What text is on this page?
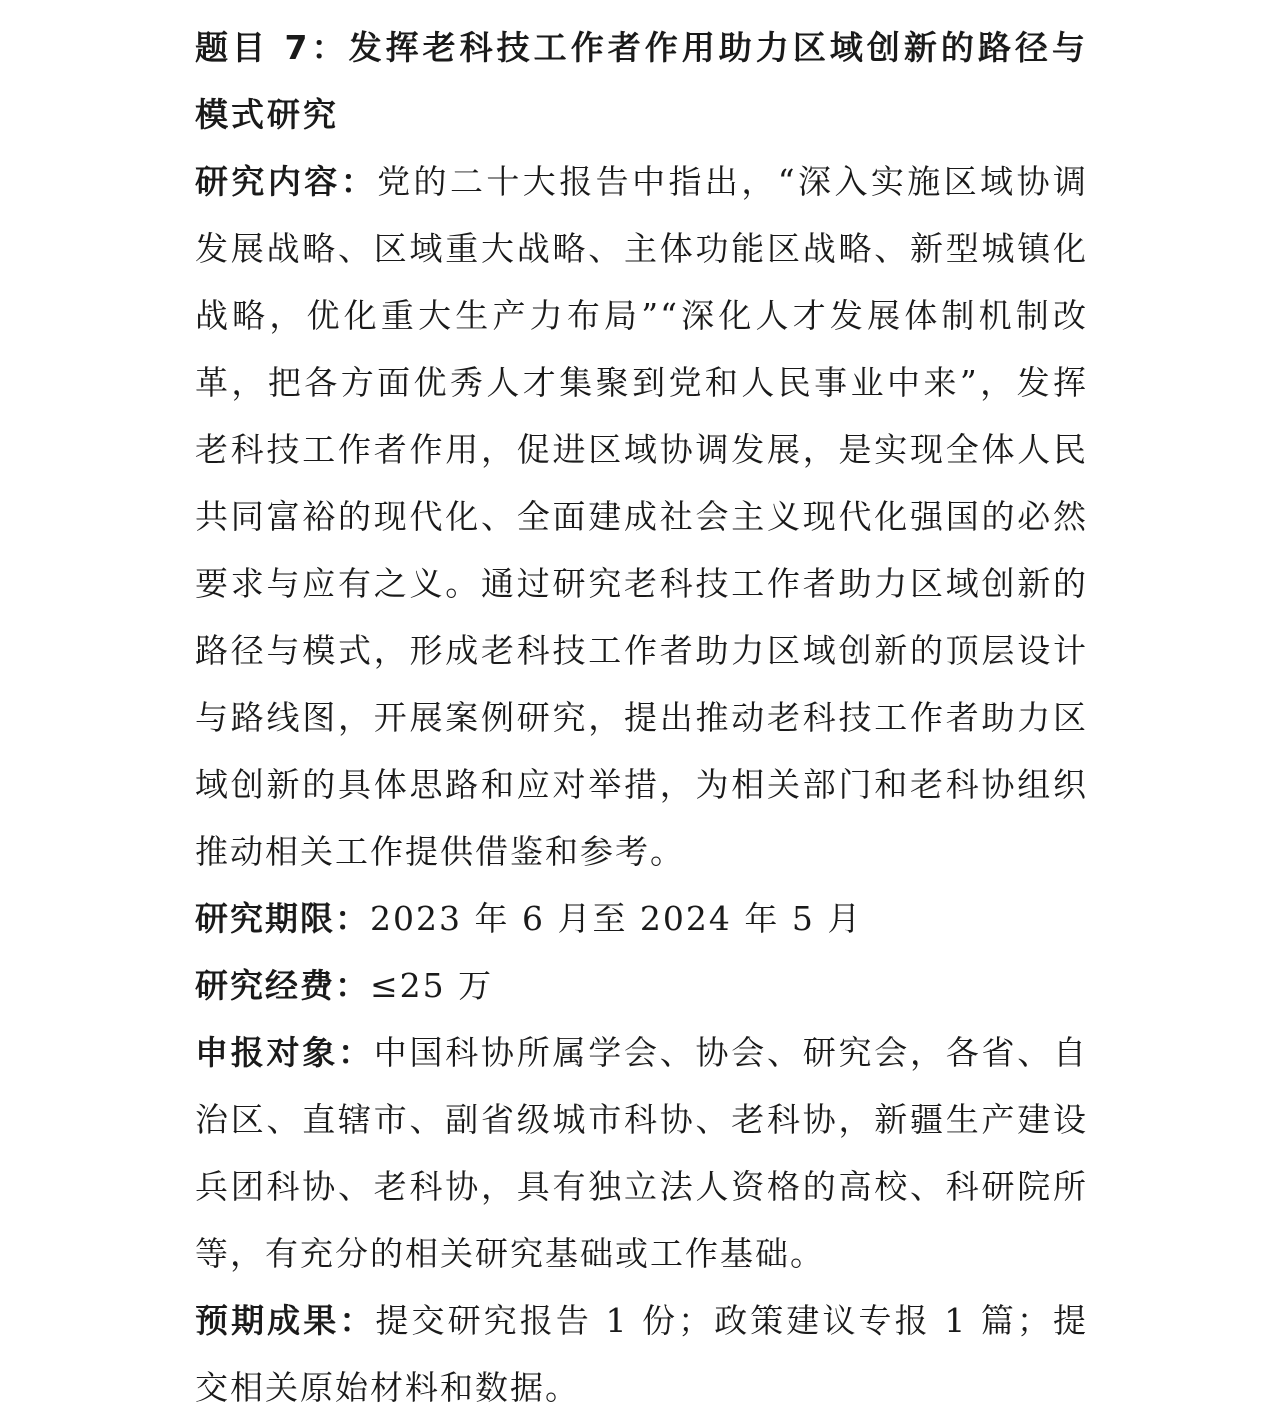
题目 7：发挥老科技工作者作用助力区域创新的路径与模式研究

研究内容：党的二十大报告中指出，“深入实施区域协调发展战略、区域重大战略、主体功能区战略、新型城镇化战略，优化重大生产力布局”“深化人才发展体制机制改革，把各方面优秀人才集聚到党和人民事业中来”，发挥老科技工作者作用，促进区域协调发展，是实现全体人民共同富裕的现代化、全面建成社会主义现代化强国的必然要求与应有之义。通过研究老科技工作者助力区域创新的路径与模式，形成老科技工作者助力区域创新的顶层设计与路线图，开展案例研究，提出推动老科技工作者助力区域创新的具体思路和应对举措，为相关部门和老科协组织推动相关工作提供借鉴和参考。

研究期限：2023 年 6 月至 2024 年 5 月

研究经费：≤25 万

申报对象：中国科协所属学会、协会、研究会，各省、自治区、直辖市、副省级城市科协、老科协，新疆生产建设兵团科协、老科协，具有独立法人资格的高校、科研院所等，有充分的相关研究基础或工作基础。

预期成果：提交研究报告 1 份；政策建议专报 1 篇；提交相关原始材料和数据。
